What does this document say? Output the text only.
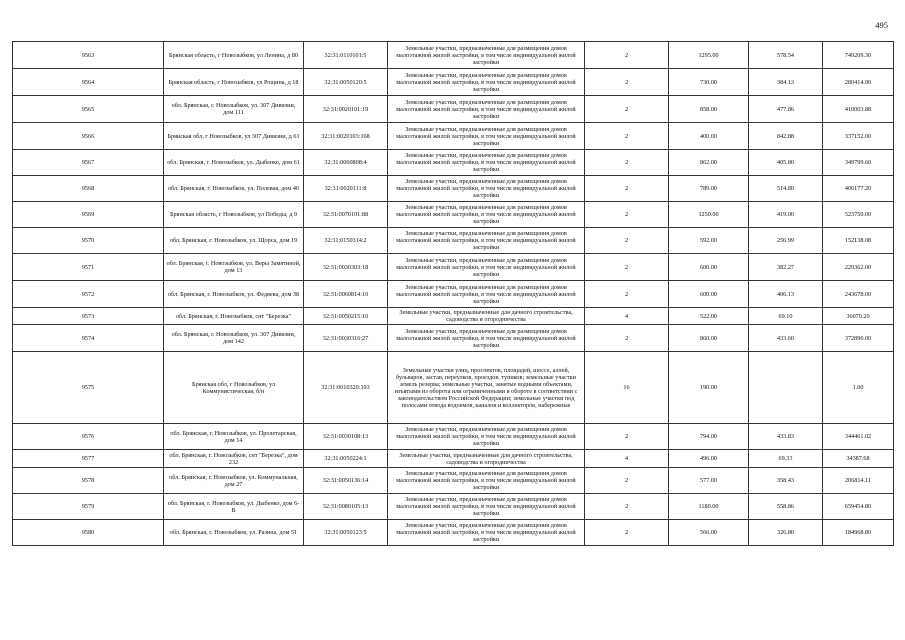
495
9563	Брянская область, г Новозыбков, ул Ленина, д 80	32:31:0110101:5	Земельные участки, предназначенные для размещения домов малоэтажной жилой застройки, в том числе индивидуальной жилой застройки	2	1295.00	578.54	749209.30
9564	Брянская область, г Новозыбков, ул Рощина, д 18	32:31:0050120:5	Земельные участки, предназначенные для размещения домов малоэтажной жилой застройки, в том числе индивидуальной жилой застройки	2	730.00	384.13	280414.90
9565	обл. Брянская, г. Новозыбков, ул. 307 Дивизии, дом 111	32:31:0020101:19	Земельные участки, предназначенные для размещения домов малоэтажной жилой застройки, в том числе индивидуальной жилой застройки	2	858.00	477.86	410003.88
9566	Брянская обл, г Новозыбков, ул 307 Дивизии, д 61	32:31:0020103:168	Земельные участки, предназначенные для размещения домов малоэтажной жилой застройки, в том числе индивидуальной жилой застройки	2	400.00	842.88	337152.00
9567	обл. Брянская, г. Новозыбков, ул. Дыбенко, дом 61	32:31:0060808:4	Земельные участки, предназначенные для размещения домов малоэтажной жилой застройки, в том числе индивидуальной жилой застройки	2	862.00	405.80	349799.60
9568	обл. Брянская, г. Новозыбков, ул. Полевая, дом 40	32:31:0020111:8	Земельные участки, предназначенные для размещения домов малоэтажной жилой застройки, в том числе индивидуальной жилой застройки	2	789.00	514.80	406177.20
9569	Брянская область, г Новозыбков, ул Победы, д 9	32:31:0070101:88	Земельные участки, предназначенные для размещения домов малоэтажной жилой застройки, в том числе индивидуальной жилой застройки	2	1250.00	419.00	523750.00
9570	обл. Брянская, г. Новозыбков, ул. Щорса, дом 19	32:31:0150314:2	Земельные участки, предназначенные для размещения домов малоэтажной жилой застройки, в том числе индивидуальной жилой застройки	2	592.00	256.99	152138.08
9571	обл. Брянская, г. Новозыбков, ул. Веры Замятиной, дом 13	32:31:0030303:18	Земельные участки, предназначенные для размещения домов малоэтажной жилой застройки, в том числе индивидуальной жилой застройки	2	600.00	382.27	229362.00
9572	обл. Брянская, г. Новозыбков, ул. Федяева, дом 38	32:31:0060814:10	Земельные участки, предназначенные для размещения домов малоэтажной жилой застройки, в том числе индивидуальной жилой застройки	2	600.00	406.13	243678.00
9573	обл. Брянская, г. Новозыбков, снт "Березка"	32:31:0050215:10	Земельные участки, предназначенные для дачного строительства, садоводства и огородничества	4	522.00	69.10	36070.20
9574	обл. Брянская, г. Новозыбков, ул. 307 Дивизии, дом 142	32:31:0030316:27	Земельные участки, предназначенные для размещения домов малоэтажной жилой застройки, в том числе индивидуальной жилой застройки	2	860.00	433.60	372896.00
9575	Брянская обл, г Новозыбков, ул Коммунистическая, б/н	32:31:0010320:193	Земельные участки улиц, проспектов, площадей, шоссе, аллей, бульваров, застав, переулков, проездов, тупиков; земельные участки земель резерва; земельные участки, занятые водными объектами, изъятыми из оборота или ограниченными в обороте в соответствии с законодательством Российской Федерации; земельные участки под полосами отвода водоемов, каналов и коллекторов, набережные	16	190.00		1.00
9576	обл. Брянская, г. Новозыбков, ул. Пролетарская, дом 14	32:31:0030108:13	Земельные участки, предназначенные для размещения домов малоэтажной жилой застройки, в том числе индивидуальной жилой застройки	2	794.00	433.83	344461.02
9577	обл. Брянская, г. Новозыбков, снт "Березка", дом 232	32:31:0050224:1	Земельные участки, предназначенные для дачного строительства, садоводства и огородничества	4	496.00	69.33	34387.68
9578	обл. Брянская, г. Новозыбков, ул. Коммунальная, дом 27	32:31:0050136:14	Земельные участки, предназначенные для размещения домов малоэтажной жилой застройки, в том числе индивидуальной жилой застройки	2	577.00	358.43	206814.11
9579	обл. Брянская, г. Новозыбков, ул. Дыбенко, дом 6-В	32:31:0080105:13	Земельные участки, предназначенные для размещения домов малоэтажной жилой застройки, в том числе индивидуальной жилой застройки	2	1180.00	558.86	659454.80
9580	обл. Брянская, г. Новозыбков, ул. Разина, дом 51	32:31:0050123:5	Земельные участки, предназначенные для размещения домов малоэтажной жилой застройки, в том числе индивидуальной жилой застройки	2	566.00	326.80	184968.80
